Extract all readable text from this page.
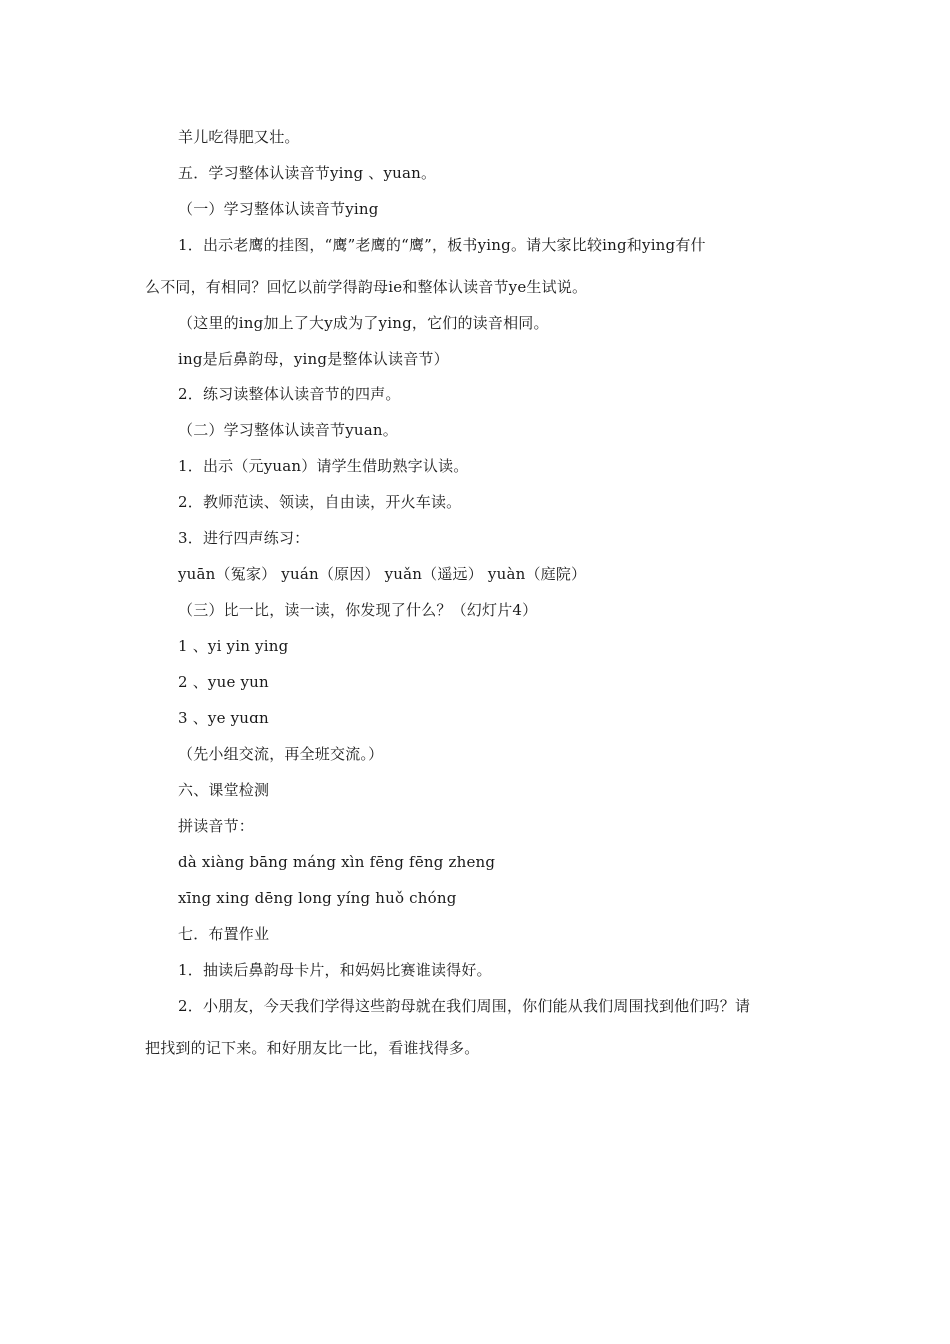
羊儿吃得肥又壮。
五．学习整体认读音节ying 、yuan。
（一）学习整体认读音节ying
1．出示老鹰的挂图，“鹰”老鹰的“鹰”，板书ying。请大家比较ing和ying有什
么不同，有相同？回忆以前学得韵母ie和整体认读音节ye生试说。
（这里的ing加上了大y成为了ying，它们的读音相同。
ing是后鼻韵母，ying是整体认读音节）
2．练习读整体认读音节的四声。
（二）学习整体认读音节yuan。
1．出示（元yuan）请学生借助熟字认读。
2．教师范读、领读，自由读，开火车读。
3．进行四声练习：
yuān（冤家） yuán（原因） yuǎn（遥远） yuàn（庭院）
（三）比一比，读一读，你发现了什么？（幻灯片4）
1 、yi yin ying
2 、yue yun
3 、ye yuɑn
（先小组交流，再全班交流。）
六、课堂检测
拼读音节：
dà xiàng bāng máng xìn fēng fēng zheng
xīng xing dēng long yíng huǒ chóng
七．布置作业
1．抽读后鼻韵母卡片，和妈妈比赛谁读得好。
2．小朋友，今天我们学得这些韵母就在我们周围，你们能从我们周围找到他们吗？请
把找到的记下来。和好朋友比一比，看谁找得多。
